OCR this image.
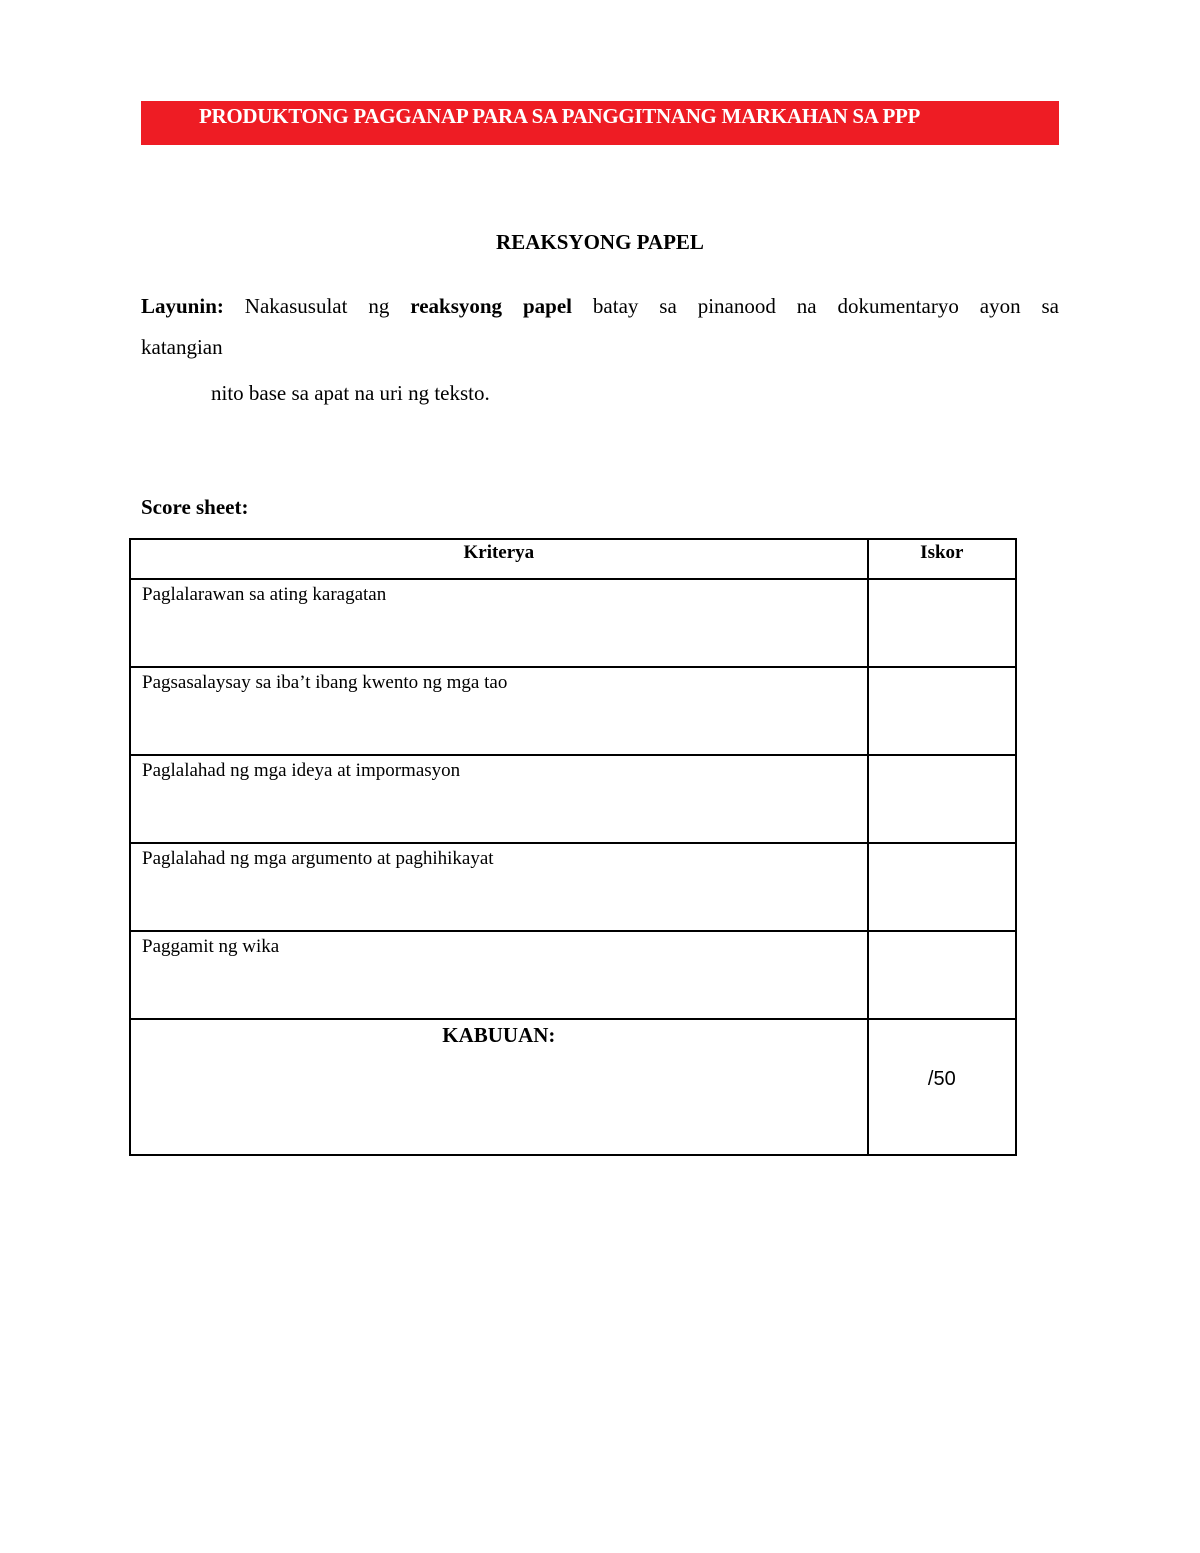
PRODUKTONG PAGGANAP PARA SA PANGGITNANG MARKAHAN SA PPP
REAKSYONG PAPEL
Layunin: Nakasusulat ng reaksyong papel batay sa pinanood na dokumentaryo ayon sa
katangian
nito base sa apat na uri ng teksto.
Score sheet:
Kriterya	Iskor
Paglalarawan sa ating karagatan	
Pagsasalaysay sa iba’t ibang kwento ng mga tao	
Paglalahad ng mga ideya at impormasyon	
Paglalahad ng mga argumento at paghihikayat	
Paggamit ng wika	
KABUUAN:	/50
